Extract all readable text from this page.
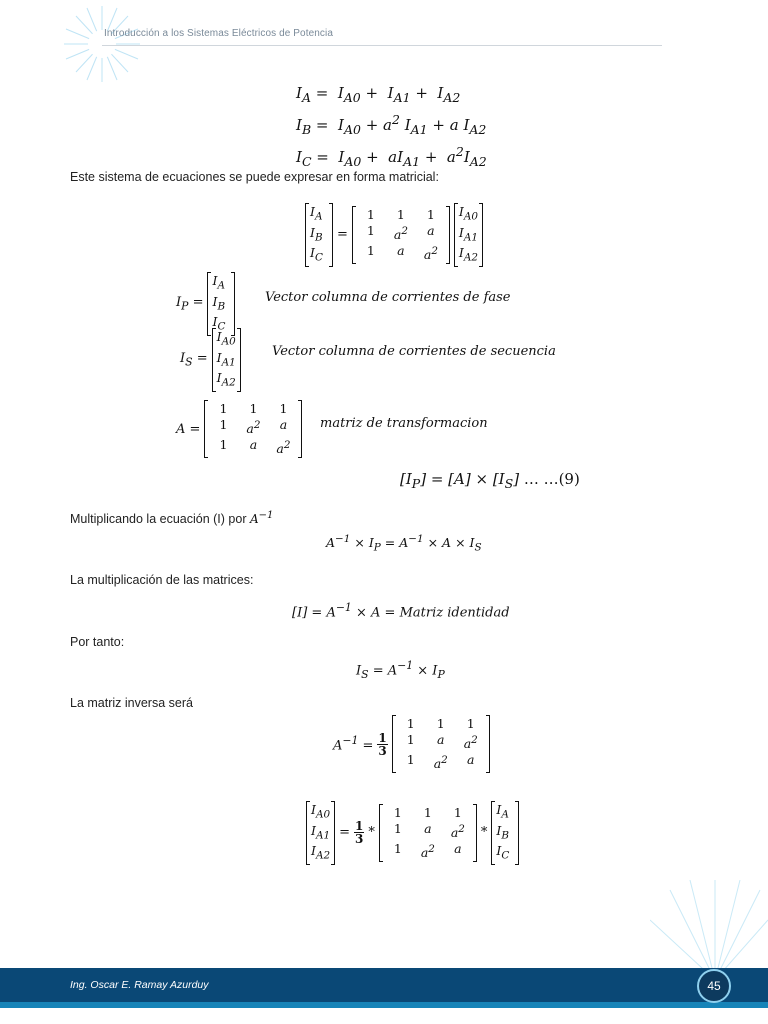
Introducción a los Sistemas Eléctricos de Potencia
$I_A = I_{A0} + I_{A1} + I_{A2}$
$I_B = I_{A0} + a^2$ $I_{A1} + a$ $I_{A2}$
$I_C = I_{A0} + aI_{A1} + a^2I_{A2}$
Este sistema de ecuaciones se puede expresar en forma matricial:
$I_A$
$I_B$
$I_C$
=
1	1	1
1	$a^2$	a
1	a	$a^2$
$I_{A0}$
$I_{A1}$
$I_{A2}$
$I_P$ =
$I_A$
$I_B$
$I_C$
Vector columna de corrientes de fase
$I_S$ =
$I_{A0}$
$I_{A1}$
$I_{A2}$
Vector columna de corrientes de secuencia
A =
1	1	1
1	$a^2$	a
1	a	$a^2$
matriz de transformacion
$[I_P] = [A] \times [I_S]$ … …(9)
Multiplicando la ecuación (I) por $A^{-1}$
$A^{-1} \times I_P = A^{-1} \times A \times I_S$
La multiplicación de las matrices:
$[I] = A^{-1} \times A$ = Matriz identidad
Por tanto:
$I_S = A^{-1} \times I_P$
La matriz inversa será
$A^{-1} = \frac{1}{3}$
1	1	1
1	a	$a^2$
1	$a^2$	a
$I_{A0}$
$I_{A1}$
$I_{A2}$
= $\frac{1}{3}$ *
1	1	1
1	a	$a^2$
1	$a^2$	a
*
$I_A$
$I_B$
$I_C$
Ing. Oscar E. Ramay Azurduy	45
